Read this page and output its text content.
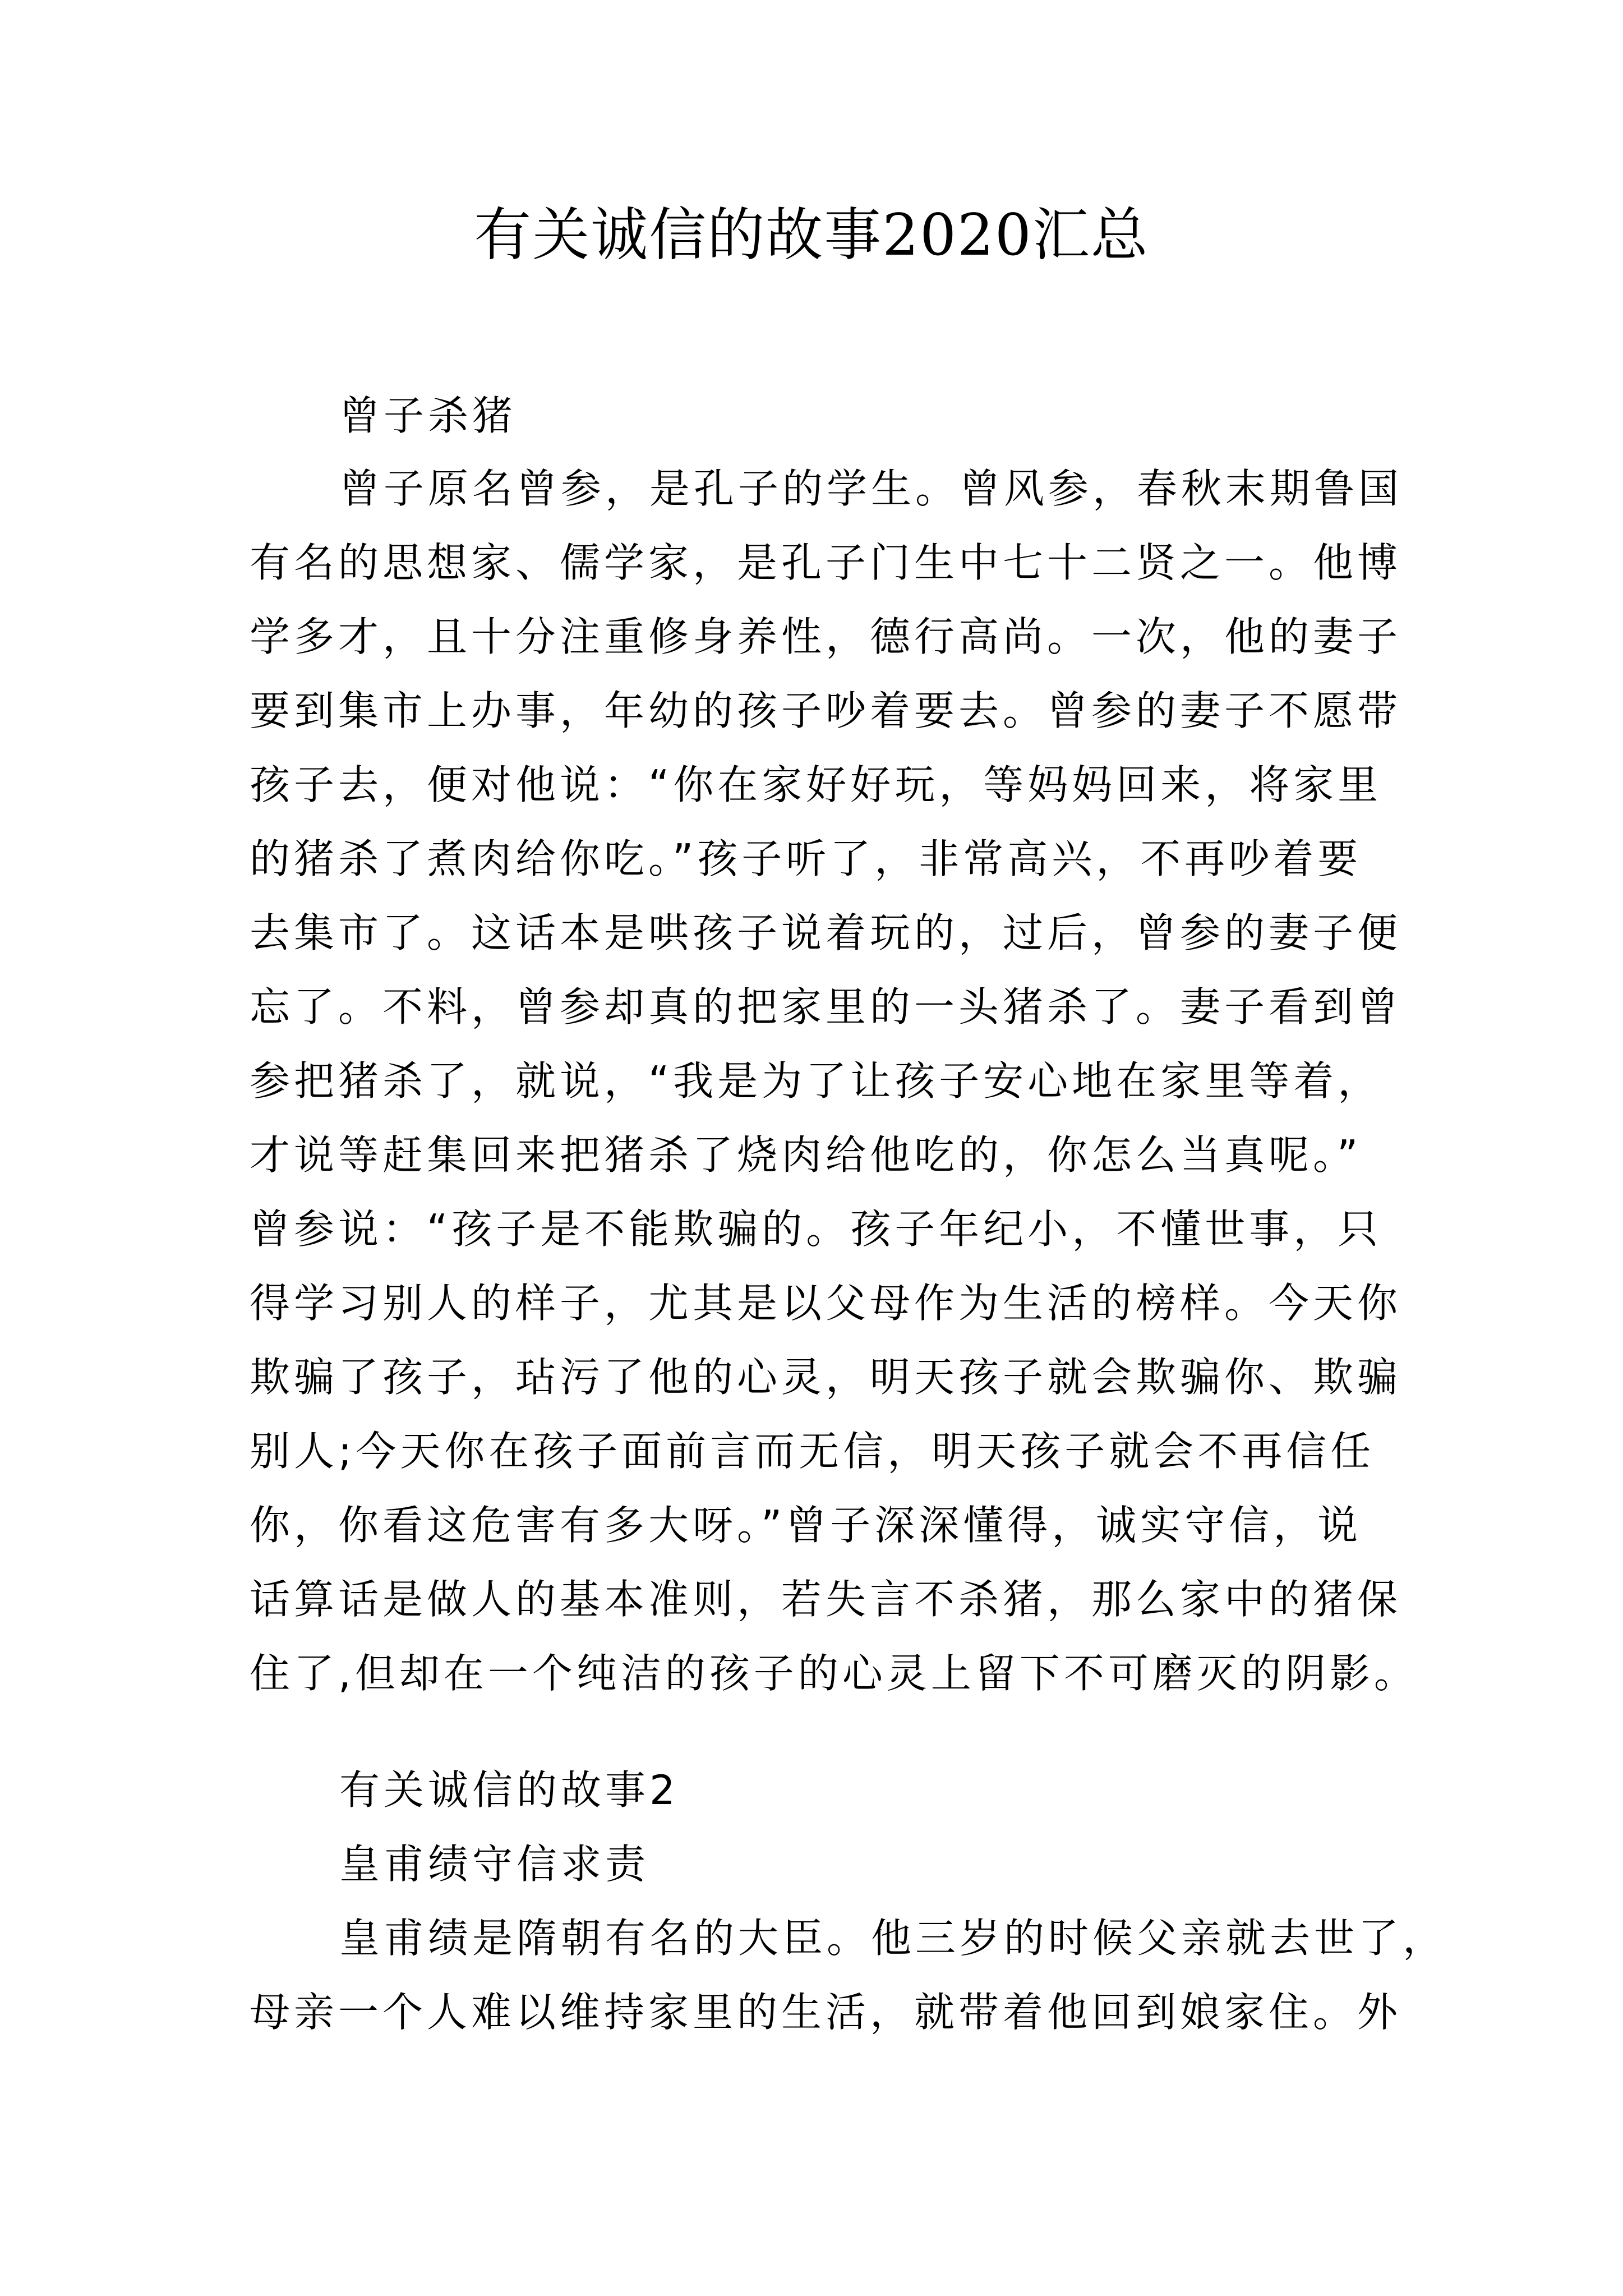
有关诚信的故事2020汇总

曾子杀猪

曾子原名曾参，是孔子的学生。曾风参，春秋末期鲁国
有名的思想家、儒学家，是孔子门生中七十二贤之一。他博
学多才，且十分注重修身养性，德行高尚。一次，他的妻子
要到集市上办事，年幼的孩子吵着要去。曾参的妻子不愿带
孩子去，便对他说：“你在家好好玩，等妈妈回来，将家里
的猪杀了煮肉给你吃。”孩子听了，非常高兴，不再吵着要
去集市了。这话本是哄孩子说着玩的，过后，曾参的妻子便
忘了。不料，曾参却真的把家里的一头猪杀了。妻子看到曾
参把猪杀了，就说，“我是为了让孩子安心地在家里等着，
才说等赶集回来把猪杀了烧肉给他吃的，你怎么当真呢。”
曾参说：“孩子是不能欺骗的。孩子年纪小，不懂世事，只
得学习别人的样子，尤其是以父母作为生活的榜样。今天你
欺骗了孩子，玷污了他的心灵，明天孩子就会欺骗你、欺骗
别人;今天你在孩子面前言而无信，明天孩子就会不再信任
你，你看这危害有多大呀。”曾子深深懂得，诚实守信，说
话算话是做人的基本准则，若失言不杀猪，那么家中的猪保
住了,但却在一个纯洁的孩子的心灵上留下不可磨灭的阴影。

有关诚信的故事2

皇甫绩守信求责

皇甫绩是隋朝有名的大臣。他三岁的时候父亲就去世了，
母亲一个人难以维持家里的生活，就带着他回到娘家住。外
